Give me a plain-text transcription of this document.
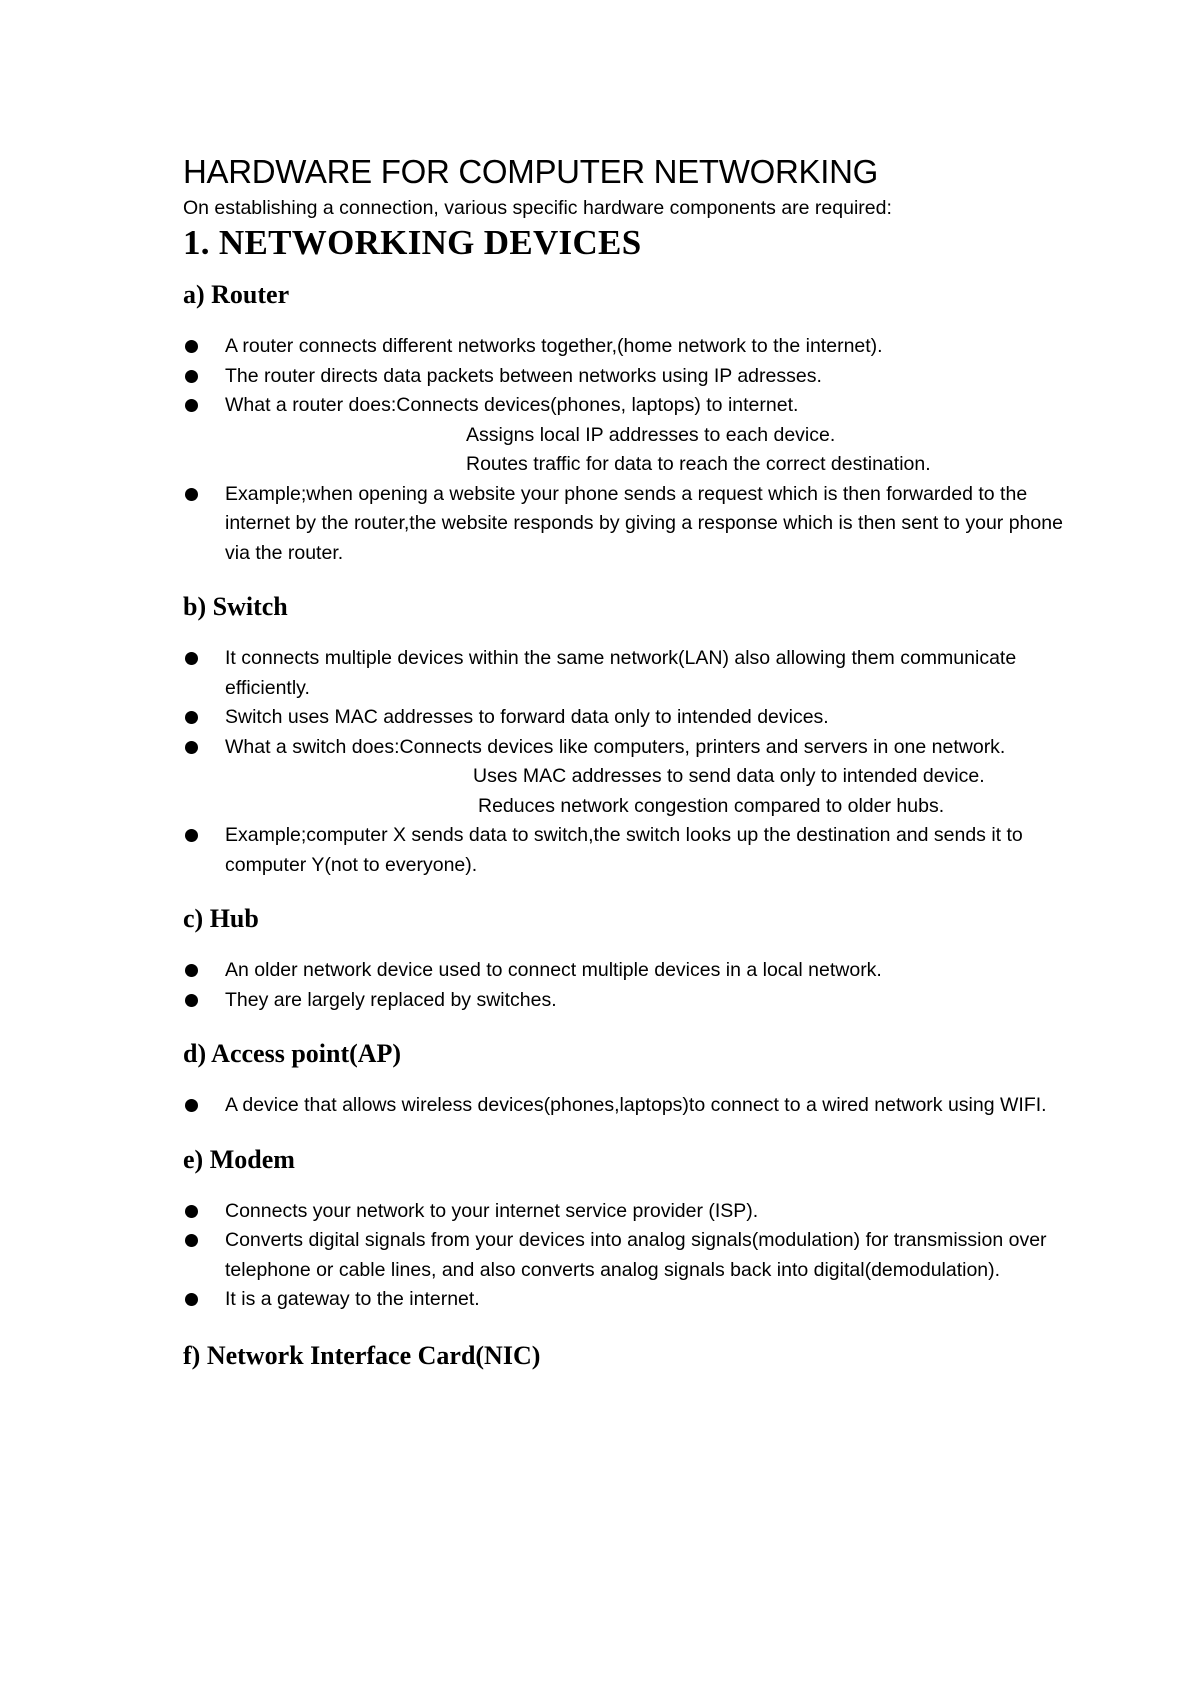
HARDWARE FOR COMPUTER NETWORKING

On establishing a connection, various specific hardware components are required:

1. NETWORKING DEVICES
a) Router
A router connects different networks together,(home network to the internet).
The router directs data packets between networks using IP adresses.
What a router does:Connects devices(phones, laptops) to internet.
Assigns local IP addresses to each device.
Routes traffic for data to reach the correct destination.
Example;when opening a website your phone sends a request which is then forwarded to the internet by the router,the website responds by giving a response which is then sent to your phone via the router.
b) Switch
It connects multiple devices within the same network(LAN) also allowing them communicate efficiently.
Switch uses MAC addresses to forward data only to intended devices.
What a switch does:Connects devices like computers, printers and servers in one network.
Uses MAC addresses to send data only to intended device.
Reduces network congestion compared to older hubs.
Example;computer X sends data to switch,the switch looks up the destination and sends it to computer Y(not to everyone).
c) Hub
An older network device used to connect multiple devices in a local network.
They are largely replaced by switches.
d) Access point(AP)
A device that allows wireless devices(phones,laptops)to connect to a wired network using WIFI.
e) Modem
Connects your network to your internet service provider (ISP).
Converts digital signals from your devices into analog signals(modulation) for transmission over telephone or cable lines, and also converts analog signals back into digital(demodulation).
It is a gateway to the internet.
f) Network Interface Card(NIC)
